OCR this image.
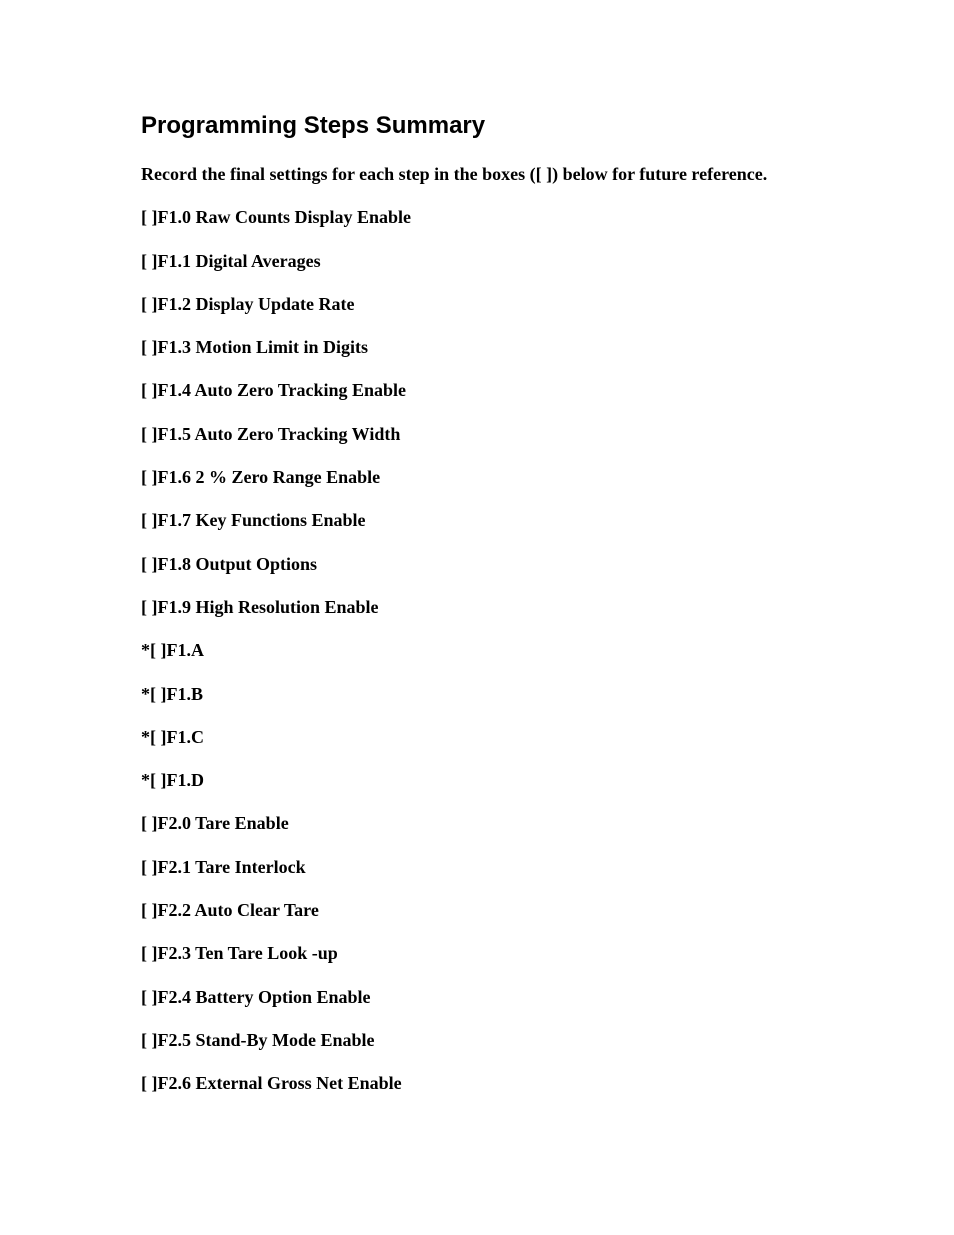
Programming Steps Summary

Record the final settings for each step in the boxes ([ ]) below for future reference.

[ ]F1.0 Raw Counts Display Enable
[ ]F1.1 Digital Averages
[ ]F1.2 Display Update Rate
[ ]F1.3 Motion Limit in Digits
[ ]F1.4 Auto Zero Tracking Enable
[ ]F1.5 Auto Zero Tracking Width
[ ]F1.6 2 % Zero Range Enable
[ ]F1.7 Key Functions Enable
[ ]F1.8 Output Options
[ ]F1.9 High Resolution Enable
*[ ]F1.A
*[ ]F1.B
*[ ]F1.C
*[ ]F1.D
[ ]F2.0 Tare Enable
[ ]F2.1 Tare Interlock
[ ]F2.2 Auto Clear Tare
[ ]F2.3 Ten Tare Look -up
[ ]F2.4 Battery Option Enable
[ ]F2.5 Stand-By Mode Enable
[ ]F2.6 External Gross Net Enable
